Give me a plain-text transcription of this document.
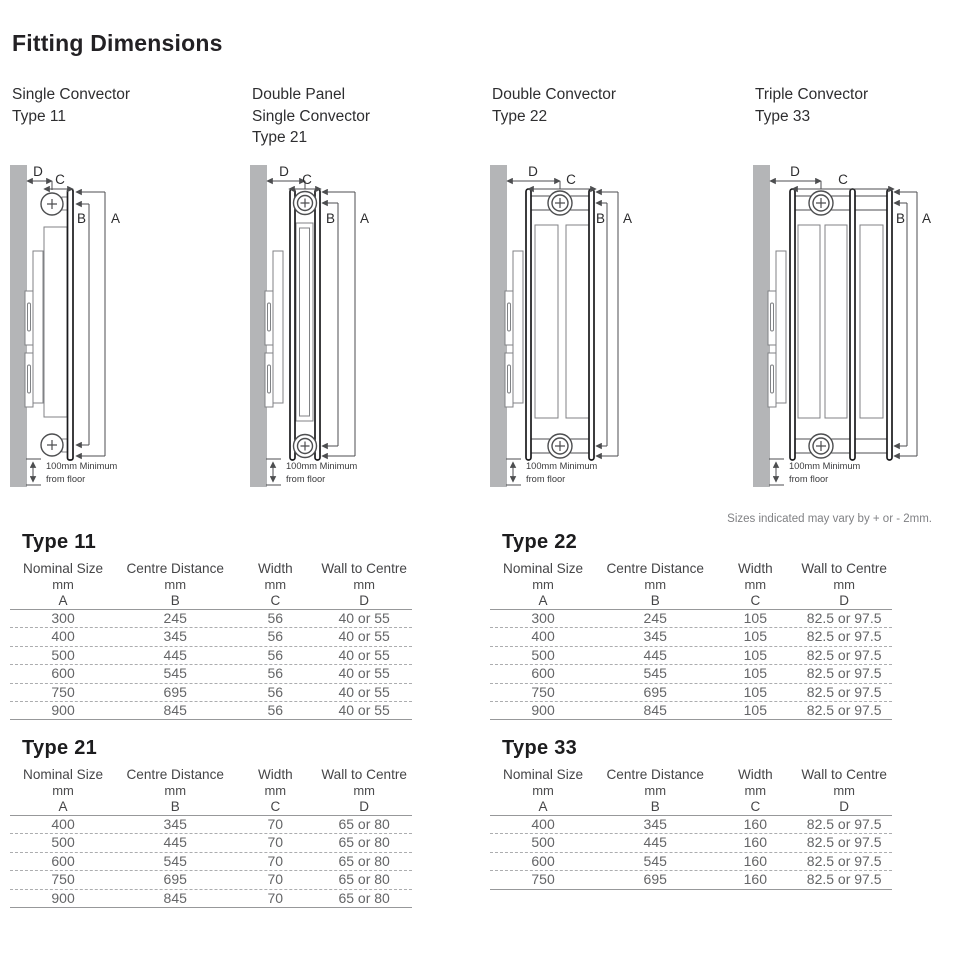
Fitting Dimensions
Single Convector
Type 11
Double Panel
Single Convector
Type 21
Double Convector
Type 22
Triple Convector
Type 33
D
C
B A
100mm Minimum
from floor
D
C
B A
100mm Minimum
from floor
D
C
B A
100mm Minimum
from floor
D
C
B A
100mm Minimum
from floor
Sizes indicated may vary by + or - 2mm.
Type 11
Nominal Size	Centre Distance	Width	Wall to Centre
mm	mm	mm	mm
A	B	C	D
300	245	56	40 or 55
400	345	56	40 or 55
500	445	56	40 or 55
600	545	56	40 or 55
750	695	56	40 or 55
900	845	56	40 or 55
Type 22
Nominal Size	Centre Distance	Width	Wall to Centre
mm	mm	mm	mm
A	B	C	D
300	245	105	82.5 or 97.5
400	345	105	82.5 or 97.5
500	445	105	82.5 or 97.5
600	545	105	82.5 or 97.5
750	695	105	82.5 or 97.5
900	845	105	82.5 or 97.5
Type 21
Nominal Size	Centre Distance	Width	Wall to Centre
mm	mm	mm	mm
A	B	C	D
400	345	70	65 or 80
500	445	70	65 or 80
600	545	70	65 or 80
750	695	70	65 or 80
900	845	70	65 or 80
Type 33
Nominal Size	Centre Distance	Width	Wall to Centre
mm	mm	mm	mm
A	B	C	D
400	345	160	82.5 or 97.5
500	445	160	82.5 or 97.5
600	545	160	82.5 or 97.5
750	695	160	82.5 or 97.5
